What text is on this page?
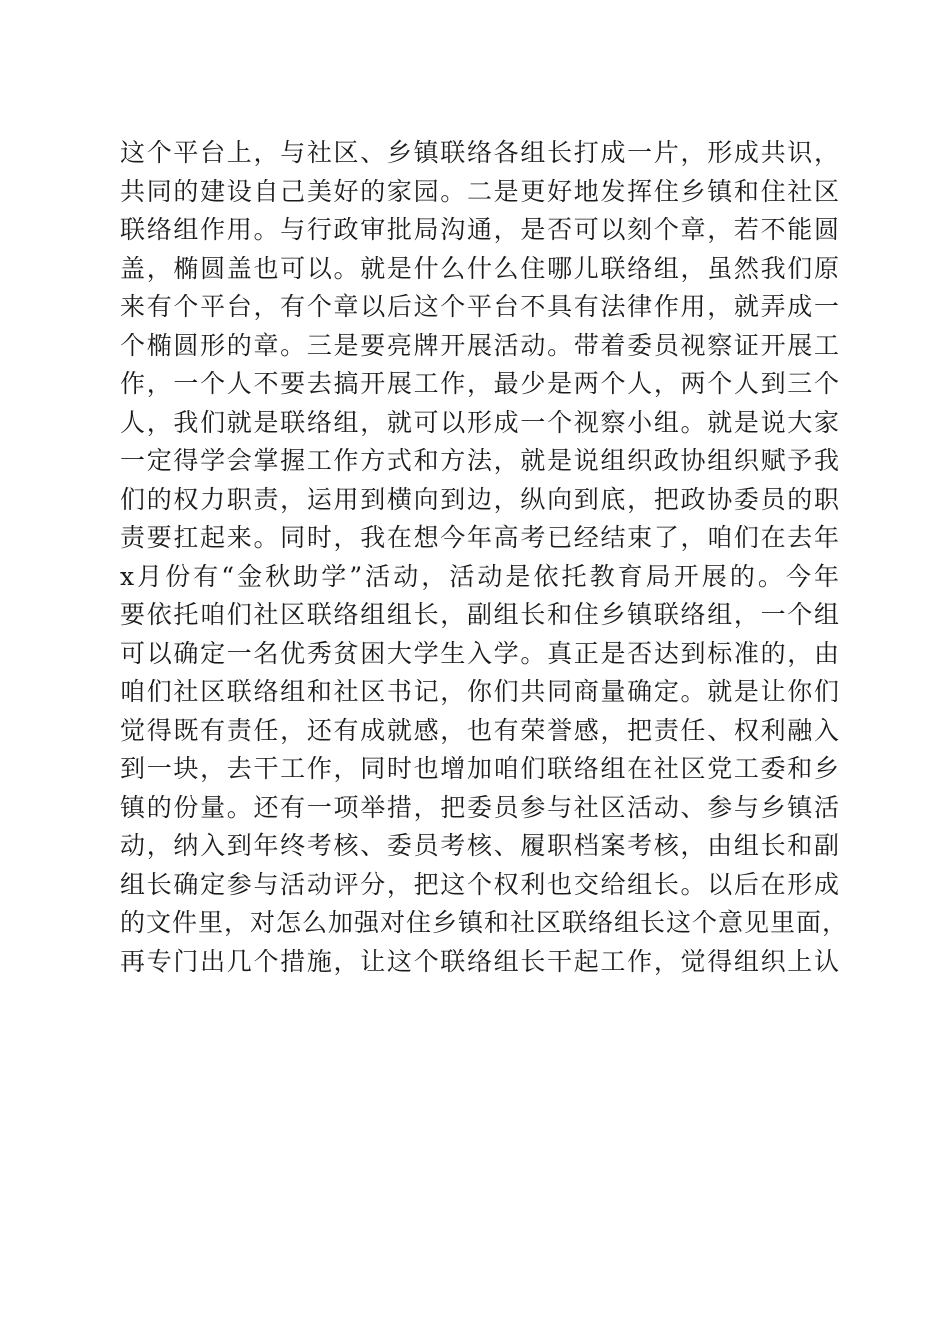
这个平台上，与社区、乡镇联络各组长打成一片，形成共识，
共同的建设自己美好的家园。二是更好地发挥住乡镇和住社区
联络组作用。与行政审批局沟通，是否可以刻个章，若不能圆
盖，椭圆盖也可以。就是什么什么住哪儿联络组，虽然我们原
来有个平台，有个章以后这个平台不具有法律作用，就弄成一
个椭圆形的章。三是要亮牌开展活动。带着委员视察证开展工
作，一个人不要去搞开展工作，最少是两个人，两个人到三个
人，我们就是联络组，就可以形成一个视察小组。就是说大家
一定得学会掌握工作方式和方法，就是说组织政协组织赋予我
们的权力职责，运用到横向到边，纵向到底，把政协委员的职
责要扛起来。同时，我在想今年高考已经结束了，咱们在去年
x月份有“金秋助学”活动，活动是依托教育局开展的。今年
要依托咱们社区联络组组长，副组长和住乡镇联络组，一个组
可以确定一名优秀贫困大学生入学。真正是否达到标准的，由
咱们社区联络组和社区书记，你们共同商量确定。就是让你们
觉得既有责任，还有成就感，也有荣誉感，把责任、权利融入
到一块，去干工作，同时也增加咱们联络组在社区党工委和乡
镇的份量。还有一项举措，把委员参与社区活动、参与乡镇活
动，纳入到年终考核、委员考核、履职档案考核，由组长和副
组长确定参与活动评分，把这个权利也交给组长。以后在形成
的文件里，对怎么加强对住乡镇和社区联络组长这个意见里面，
再专门出几个措施，让这个联络组长干起工作，觉得组织上认
